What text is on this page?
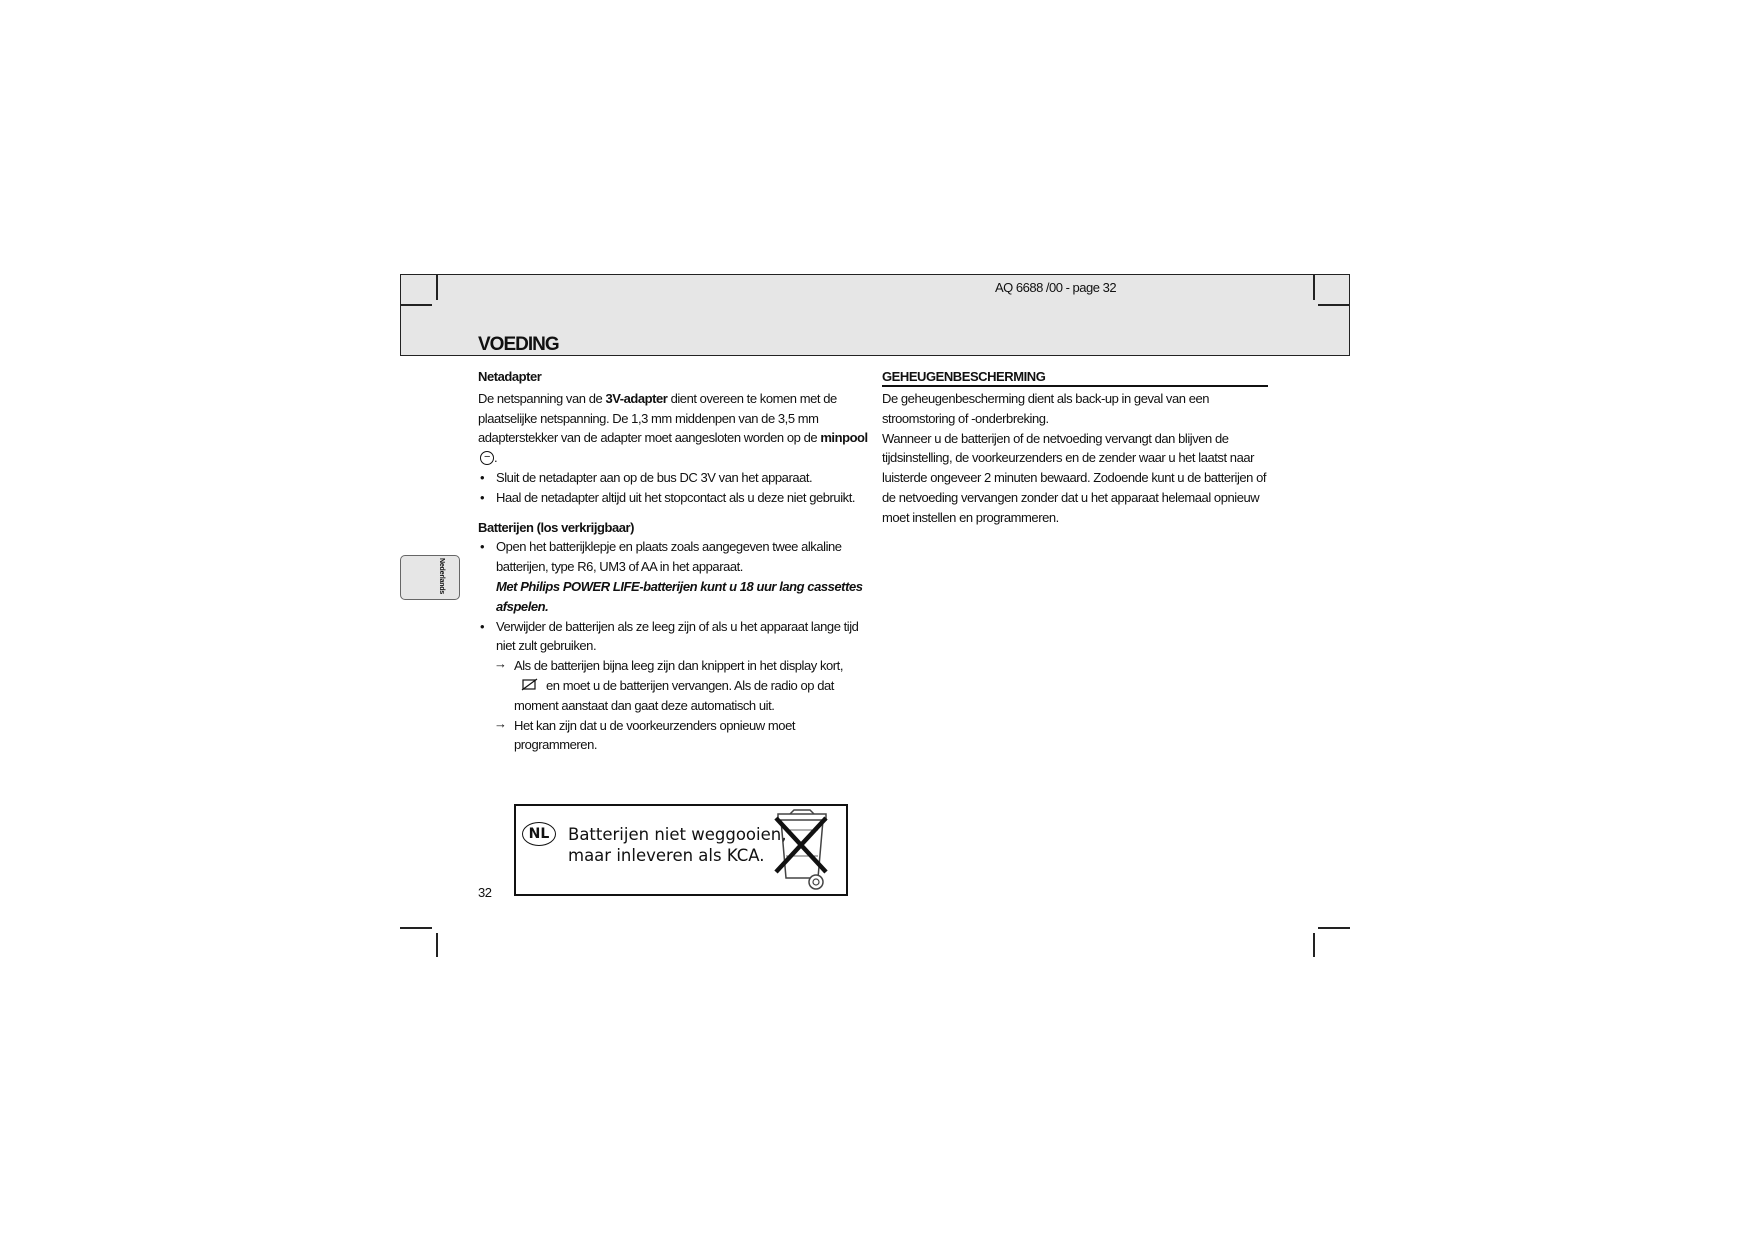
AQ 6688 /00 - page 32
VOEDING
Nederlands

Netadapter

De netspanning van de 3V-adapter dient overeen te komen met de plaatselijke netspanning. De 1,3 mm middenpen van de 3,5 mm adapterstekker van de adapter moet aangesloten worden op de minpool− .

• Sluit de netadapter aan op de bus DC 3V van het apparaat.

• Haal de netadapter altijd uit het stopcontact als u deze niet gebruikt.

Batterijen (los verkrijgbaar)

• Open het batterijklepje en plaats zoals aangegeven twee alkaline batterijen, type R6, UM3 of AA in het apparaat.
Met Philips POWER LIFE-batterijen kunt u 18 uur lang cassettes afspelen.

• Verwijder de batterijen als ze leeg zijn of als u het apparaat lange tijd niet zult gebruiken.

→ Als de batterijen bijna leeg zijn dan knippert in het display kort, en moet u de batterijen vervangen. Als de radio op dat moment aanstaat dan gaat deze automatisch uit.

→ Het kan zijn dat u de voorkeurzenders opnieuw moet programmeren.

NL	Batterijen niet weggooien,
maar inleveren als KCA.
32

GEHEUGENBESCHERMING

De geheugenbescherming dient als back-up in geval van een stroomstoring of -onderbreking.

Wanneer u de batterijen of de netvoeding vervangt dan blijven de tijdsinstelling, de voorkeurzenders en de zender waar u het laatst naar luisterde ongeveer 2 minuten bewaard. Zodoende kunt u de batterijen of de netvoeding vervangen zonder dat u het apparaat helemaal opnieuw moet instellen en programmeren.
